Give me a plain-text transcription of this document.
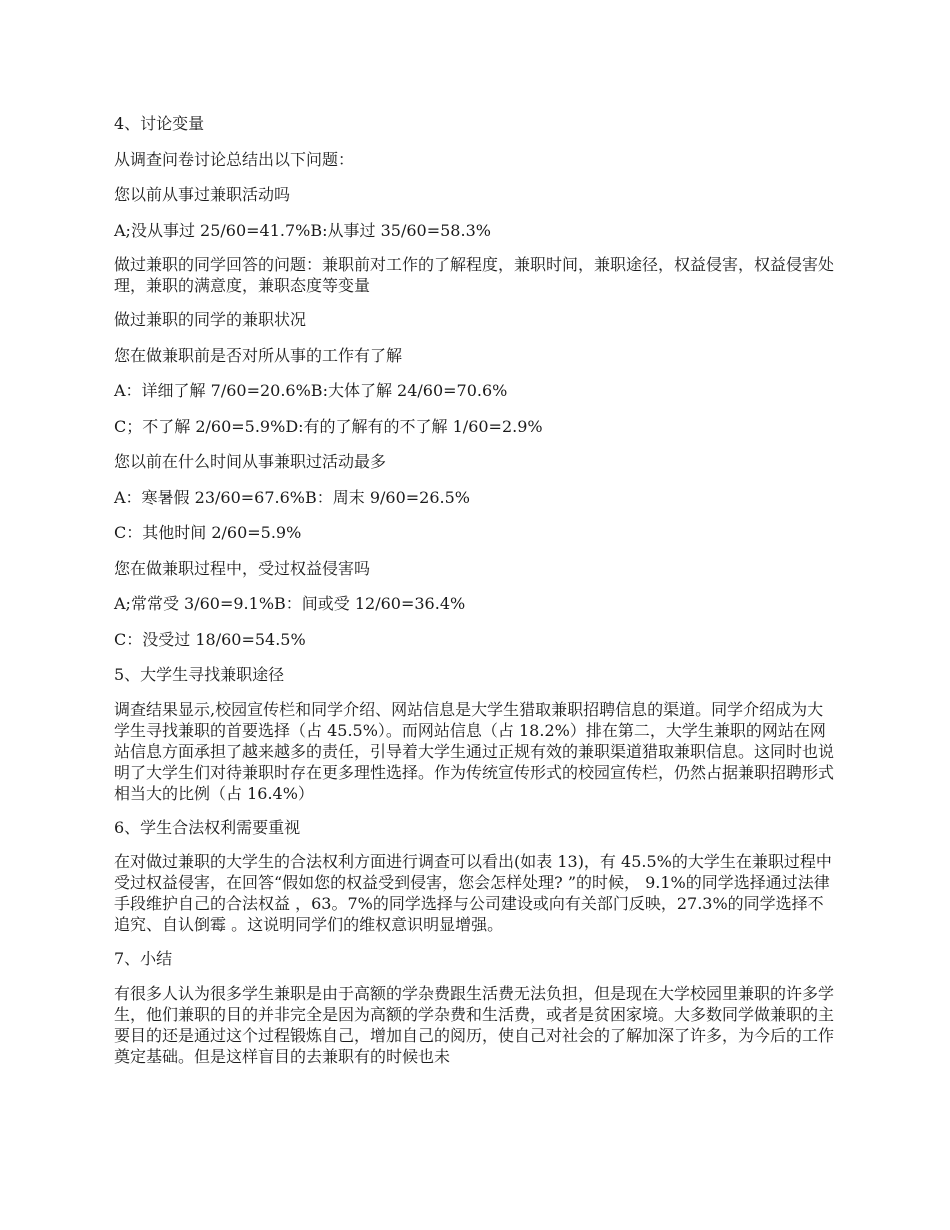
4、讨论变量

从调查问卷讨论总结出以下问题：

您以前从事过兼职活动吗

A;没从事过 25/60=41.7%B:从事过 35/60=58.3%

做过兼职的同学回答的问题：兼职前对工作的了解程度，兼职时间，兼职途径，权益侵害，权益侵害处理，兼职的满意度，兼职态度等变量

做过兼职的同学的兼职状况

您在做兼职前是否对所从事的工作有了解

A：详细了解 7/60=20.6%B:大体了解 24/60=70.6%

C；不了解 2/60=5.9%D:有的了解有的不了解 1/60=2.9%

您以前在什么时间从事兼职过活动最多

A：寒暑假 23/60=67.6%B：周末 9/60=26.5%

C：其他时间 2/60=5.9%

您在做兼职过程中，受过权益侵害吗

A;常常受 3/60=9.1%B：间或受 12/60=36.4%

C：没受过 18/60=54.5%

5、大学生寻找兼职途径

调查结果显示,校园宣传栏和同学介绍、网站信息是大学生猎取兼职招聘信息的渠道。同学介绍成为大学生寻找兼职的首要选择（占 45.5%）。而网站信息（占 18.2%）排在第二，大学生兼职的网站在网站信息方面承担了越来越多的责任，引导着大学生通过正规有效的兼职渠道猎取兼职信息。这同时也说明了大学生们对待兼职时存在更多理性选择。作为传统宣传形式的校园宣传栏，仍然占据兼职招聘形式相当大的比例（占 16.4%）

6、学生合法权利需要重视

在对做过兼职的大学生的合法权利方面进行调查可以看出(如表 13)，有 45.5%的大学生在兼职过程中受过权益侵害，在回答“假如您的权益受到侵害，您会怎样处理? ”的时候， 9.1%的同学选择通过法律手段维护自己的合法权益 ，63。7%的同学选择与公司建设或向有关部门反映，27.3%的同学选择不追究、自认倒霉 。这说明同学们的维权意识明显增强。

7、小结

有很多人认为很多学生兼职是由于高额的学杂费跟生活费无法负担，但是现在大学校园里兼职的许多学生，他们兼职的目的并非完全是因为高额的学杂费和生活费，或者是贫困家境。大多数同学做兼职的主要目的还是通过这个过程锻炼自己，增加自己的阅历，使自己对社会的了解加深了许多，为今后的工作奠定基础。但是这样盲目的去兼职有的时候也未
